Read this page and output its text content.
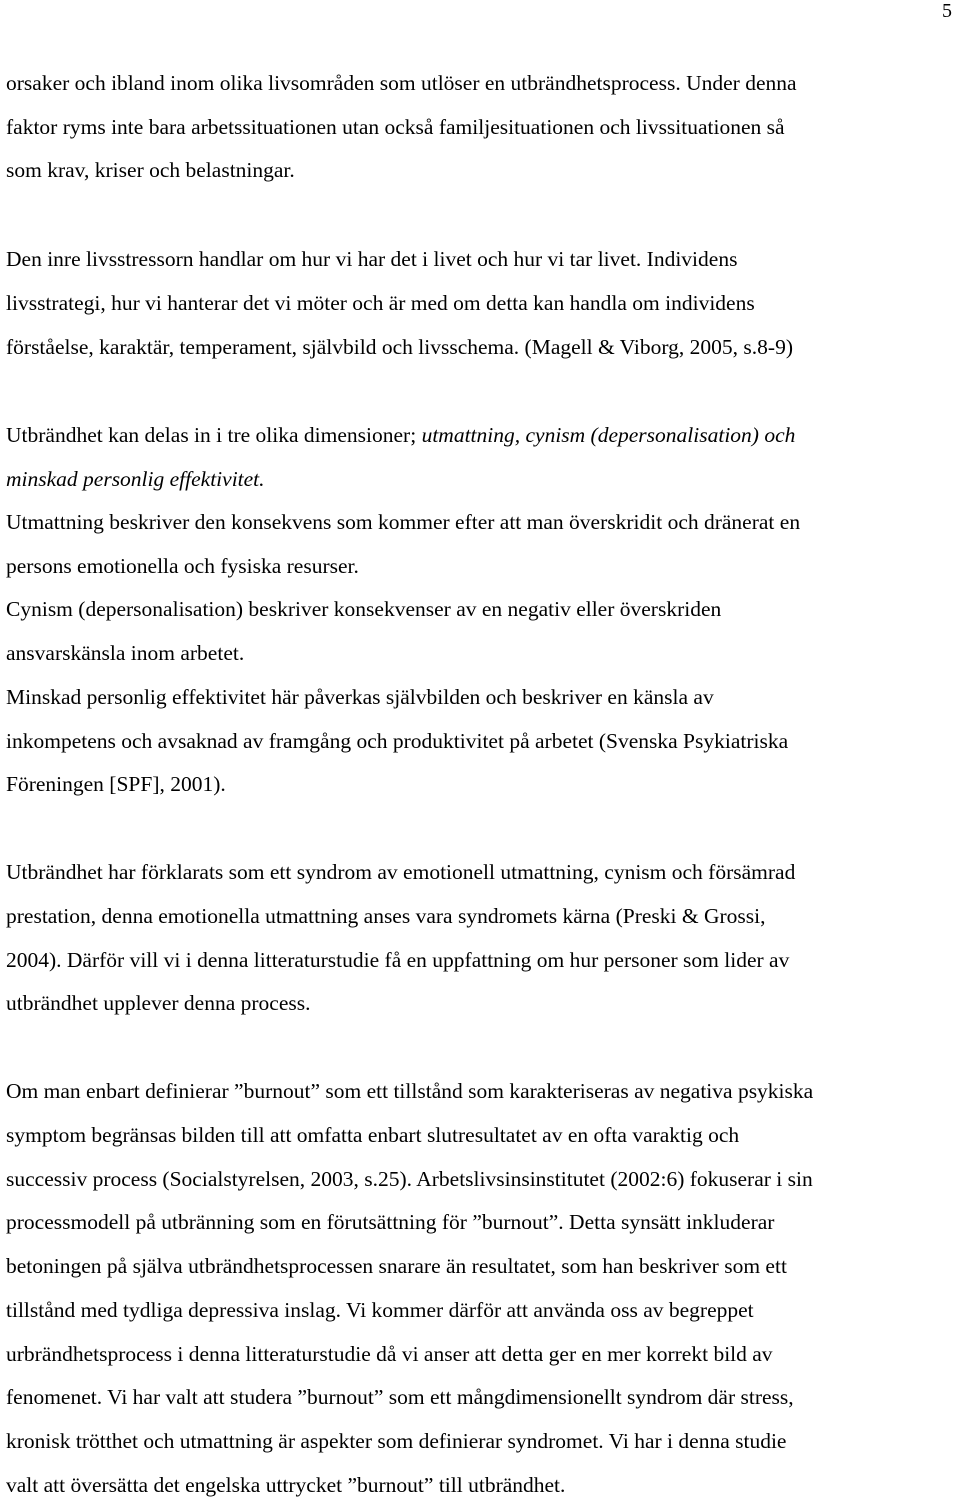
5
orsaker och ibland inom olika livsområden som utlöser en utbrändhetsprocess. Under denna
faktor ryms inte bara arbetssituationen utan också familjesituationen och livssituationen så
som krav, kriser och belastningar.
Den inre livsstressorn handlar om hur vi har det i livet och hur vi tar livet. Individens
livsstrategi, hur vi hanterar det vi möter och är med om detta kan handla om individens
förståelse, karaktär, temperament, självbild och livsschema. (Magell & Viborg, 2005, s.8-9)
Utbrändhet kan delas in i tre olika dimensioner; utmattning, cynism (depersonalisation) och
minskad personlig effektivitet.
Utmattning beskriver den konsekvens som kommer efter att man överskridit och dränerat en
persons emotionella och fysiska resurser.
Cynism (depersonalisation) beskriver konsekvenser av en negativ eller överskriden
ansvarskänsla inom arbetet.
Minskad personlig effektivitet här påverkas självbilden och beskriver en känsla av
inkompetens och avsaknad av framgång och produktivitet på arbetet (Svenska Psykiatriska
Föreningen [SPF], 2001).
Utbrändhet har förklarats som ett syndrom av emotionell utmattning, cynism och försämrad
prestation, denna emotionella utmattning anses vara syndromets kärna (Preski & Grossi,
2004). Därför vill vi i denna litteraturstudie få en uppfattning om hur personer som lider av
utbrändhet upplever denna process.
Om man enbart definierar ”burnout” som ett tillstånd som karakteriseras av negativa psykiska
symptom begränsas bilden till att omfatta enbart slutresultatet av en ofta varaktig och
successiv process (Socialstyrelsen, 2003, s.25). Arbetslivsinsinstitutet (2002:6) fokuserar i sin
processmodell på utbränning som en förutsättning för ”burnout”. Detta synsätt inkluderar
betoningen på själva utbrändhetsprocessen snarare än resultatet, som han beskriver som ett
tillstånd med tydliga depressiva inslag. Vi kommer därför att använda oss av begreppet
urbrändhetsprocess i denna litteraturstudie då vi anser att detta ger en mer korrekt bild av
fenomenet. Vi har valt att studera ”burnout” som ett mångdimensionellt syndrom där stress,
kronisk trötthet och utmattning är aspekter som definierar syndromet. Vi har i denna studie
valt att översätta det engelska uttrycket ”burnout” till utbrändhet.
